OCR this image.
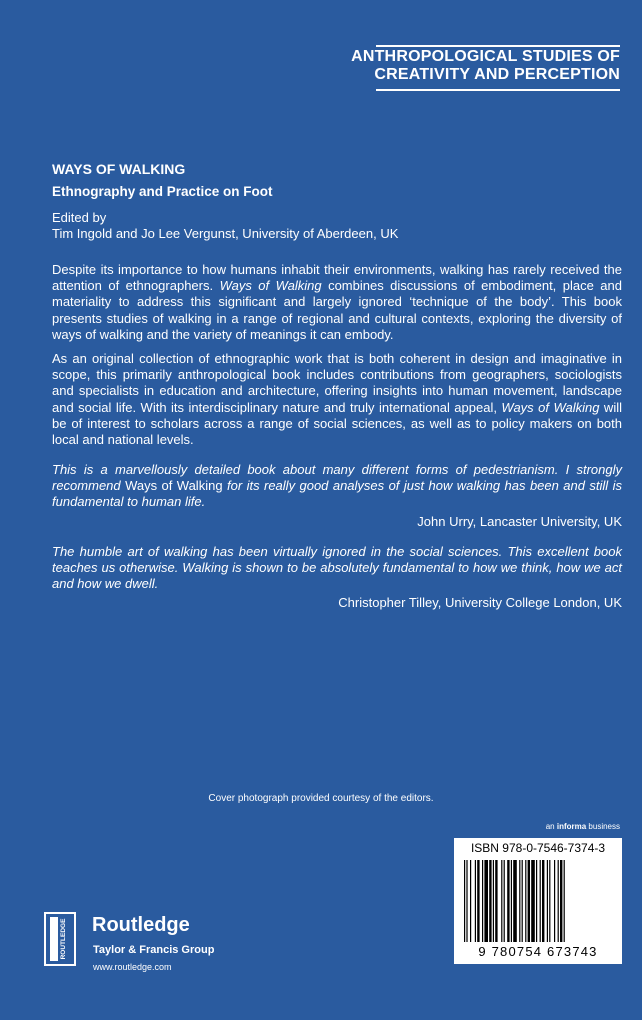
ANTHROPOLOGICAL STUDIES OF
CREATIVITY AND PERCEPTION
WAYS OF WALKING
Ethnography and Practice on Foot
Edited by
Tim Ingold and Jo Lee Vergunst, University of Aberdeen, UK

Despite its importance to how humans inhabit their environments, walking has rarely received the attention of ethnographers. Ways of Walking combines discussions of embodiment, place and materiality to address this significant and largely ignored ‘technique of the body’. This book presents studies of walking in a range of regional and cultural contexts, exploring the diversity of ways of walking and the variety of meanings it can embody.

As an original collection of ethnographic work that is both coherent in design and imaginative in scope, this primarily anthropological book includes contributions from geographers, sociologists and specialists in education and architecture, offering insights into human movement, landscape and social life. With its interdisciplinary nature and truly international appeal, Ways of Walking will be of interest to scholars across a range of social sciences, as well as to policy makers on both local and national levels.

This is a marvellously detailed book about many different forms of pedestrianism. I strongly recommend Ways of Walking for its really good analyses of just how walking has been and still is fundamental to human life.

John Urry, Lancaster University, UK

The humble art of walking has been virtually ignored in the social sciences. This excellent book teaches us otherwise. Walking is shown to be absolutely fundamental to how we think, how we act and how we dwell.

Christopher Tilley, University College London, UK
Cover photograph provided courtesy of the editors.
an informa business
ISBN 978-0-7546-7374-3
9 780754 673743
ROUTLEDGE Routledge
Taylor & Francis Group
www.routledge.com
